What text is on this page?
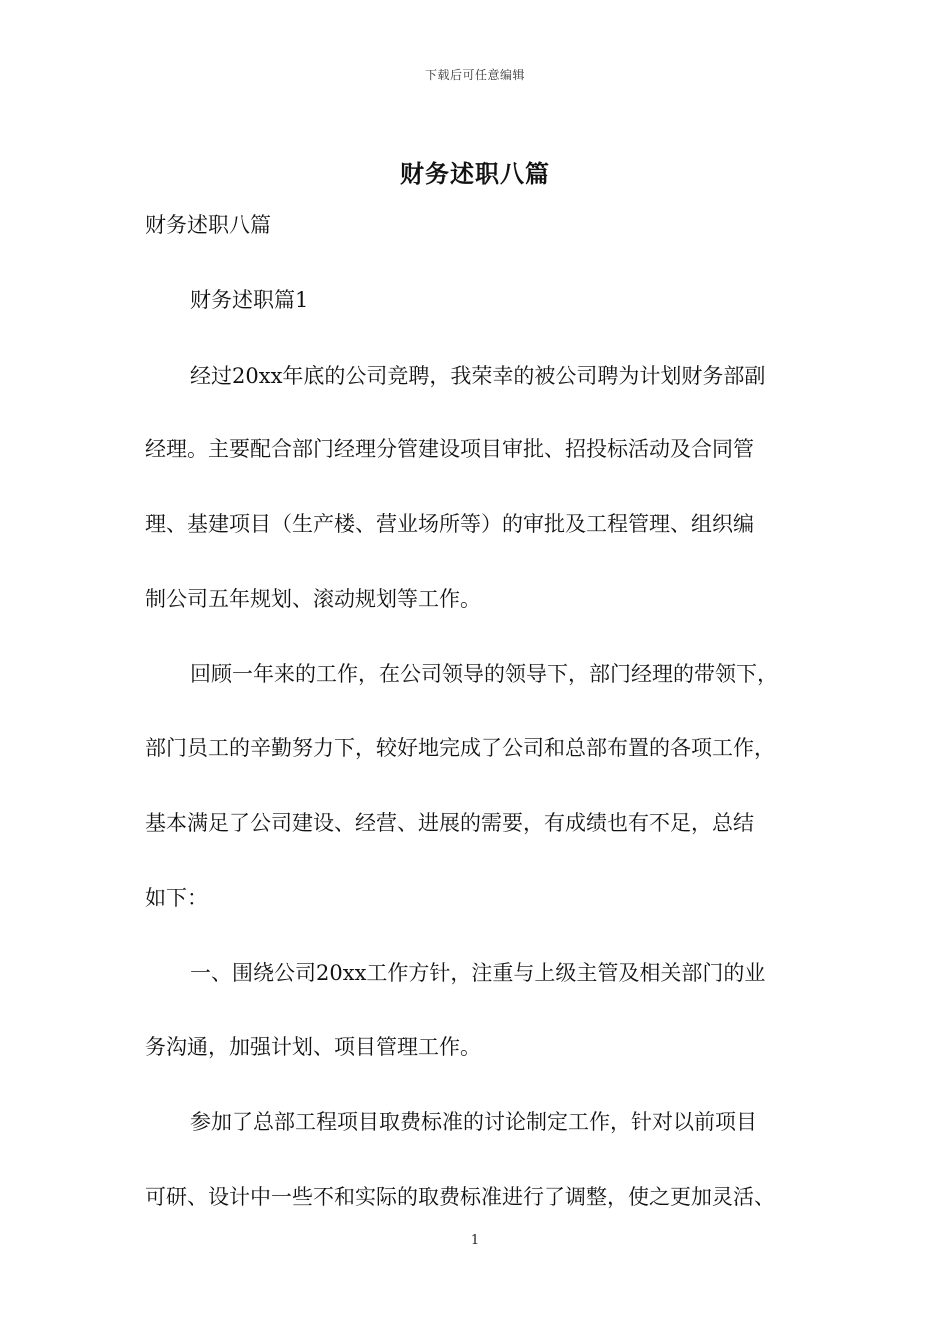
下载后可任意编辑
财务述职八篇
财务述职八篇
财务述职篇1
经过20xx年底的公司竞聘，我荣幸的被公司聘为计划财务部副
经理。主要配合部门经理分管建设项目审批、招投标活动及合同管
理、基建项目（生产楼、营业场所等）的审批及工程管理、组织编
制公司五年规划、滚动规划等工作。
回顾一年来的工作，在公司领导的领导下，部门经理的带领下，
部门员工的辛勤努力下，较好地完成了公司和总部布置的各项工作，
基本满足了公司建设、经营、进展的需要，有成绩也有不足，总结
如下：
一、围绕公司20xx工作方针，注重与上级主管及相关部门的业
务沟通，加强计划、项目管理工作。
参加了总部工程项目取费标准的讨论制定工作，针对以前项目
可研、设计中一些不和实际的取费标准进行了调整，使之更加灵活、
1
